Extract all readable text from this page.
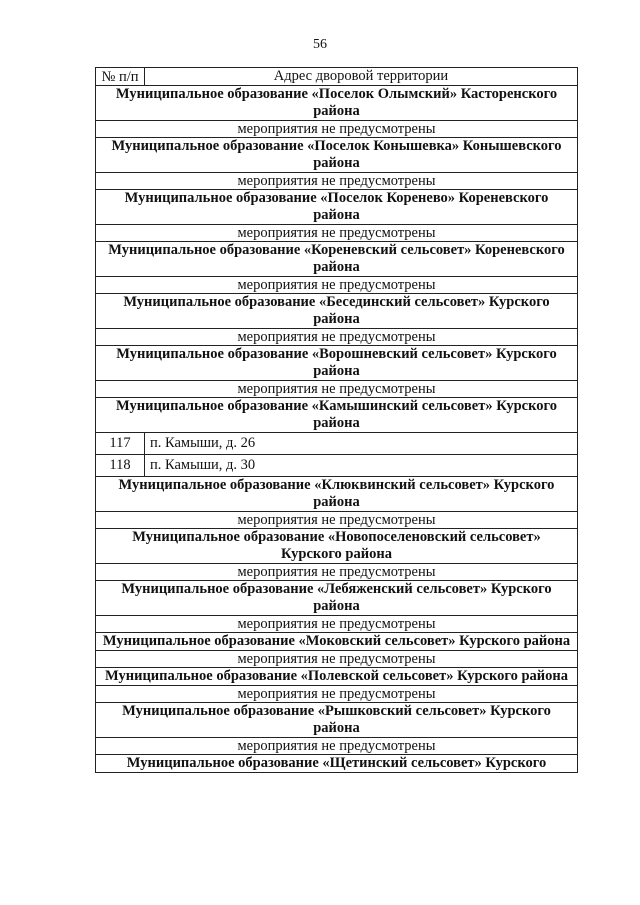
56
№ п/п	Адрес дворовой территории
Муниципальное образование «Поселок Олымский» Касторенского района	
мероприятия не предусмотрены	
Муниципальное образование «Поселок Конышевка» Конышевского района	
мероприятия не предусмотрены	
Муниципальное образование «Поселок Коренево» Кореневского района	
мероприятия не предусмотрены	
Муниципальное образование «Кореневский сельсовет» Кореневского района	
мероприятия не предусмотрены	
Муниципальное образование «Бесединский сельсовет» Курского района	
мероприятия не предусмотрены	
Муниципальное образование «Ворошневский сельсовет» Курского района	
мероприятия не предусмотрены	
Муниципальное образование «Камышинский сельсовет» Курского района	
117	п. Камыши, д. 26
118	п. Камыши, д. 30
Муниципальное образование «Клюквинский сельсовет» Курского района	
мероприятия не предусмотрены	
Муниципальное образование «Новопоселеновский сельсовет» Курского района	
мероприятия не предусмотрены	
Муниципальное образование «Лебяженский сельсовет» Курского района	
мероприятия не предусмотрены	
Муниципальное образование «Моковский сельсовет» Курского района	
мероприятия не предусмотрены	
Муниципальное образование «Полевской сельсовет» Курского района	
мероприятия не предусмотрены	
Муниципальное образование «Рышковский сельсовет» Курского района	
мероприятия не предусмотрены	
Муниципальное образование «Щетинский сельсовет» Курского	
